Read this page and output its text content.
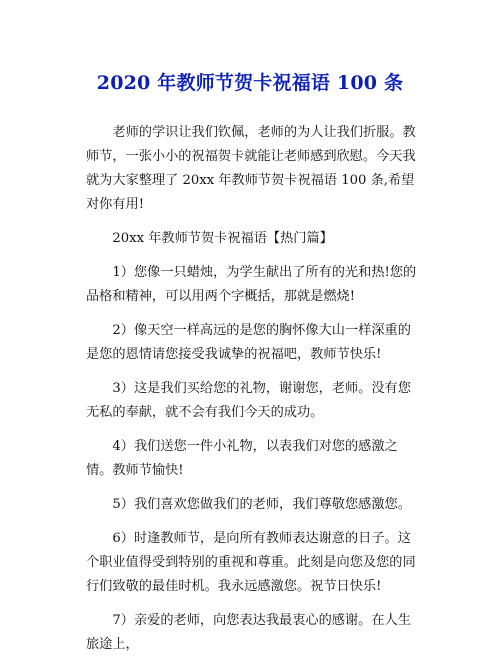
2020 年教师节贺卡祝福语 100 条

老师的学识让我们钦佩，老师的为人让我们折服。教师节，一张小小的祝福贺卡就能让老师感到欣慰。今天我就为大家整理了 20xx 年教师节贺卡祝福语 100 条,希望对你有用!

20xx 年教师节贺卡祝福语【热门篇】

1）您像一只蜡烛，为学生献出了所有的光和热!您的品格和精神，可以用两个字概括，那就是燃烧!

2）像天空一样高远的是您的胸怀像大山一样深重的是您的恩情请您接受我诚挚的祝福吧，教师节快乐!

3）这是我们买给您的礼物，谢谢您，老师。没有您无私的奉献，就不会有我们今天的成功。

4）我们送您一件小礼物，以表我们对您的感激之情。教师节愉快!

5）我们喜欢您做我们的老师，我们尊敬您感激您。

6）时逢教师节，是向所有教师表达谢意的日子。这个职业值得受到特别的重视和尊重。此刻是向您及您的同行们致敬的最佳时机。我永远感激您。祝节日快乐!

7）亲爱的老师，向您表达我最衷心的感谢。在人生旅途上，
